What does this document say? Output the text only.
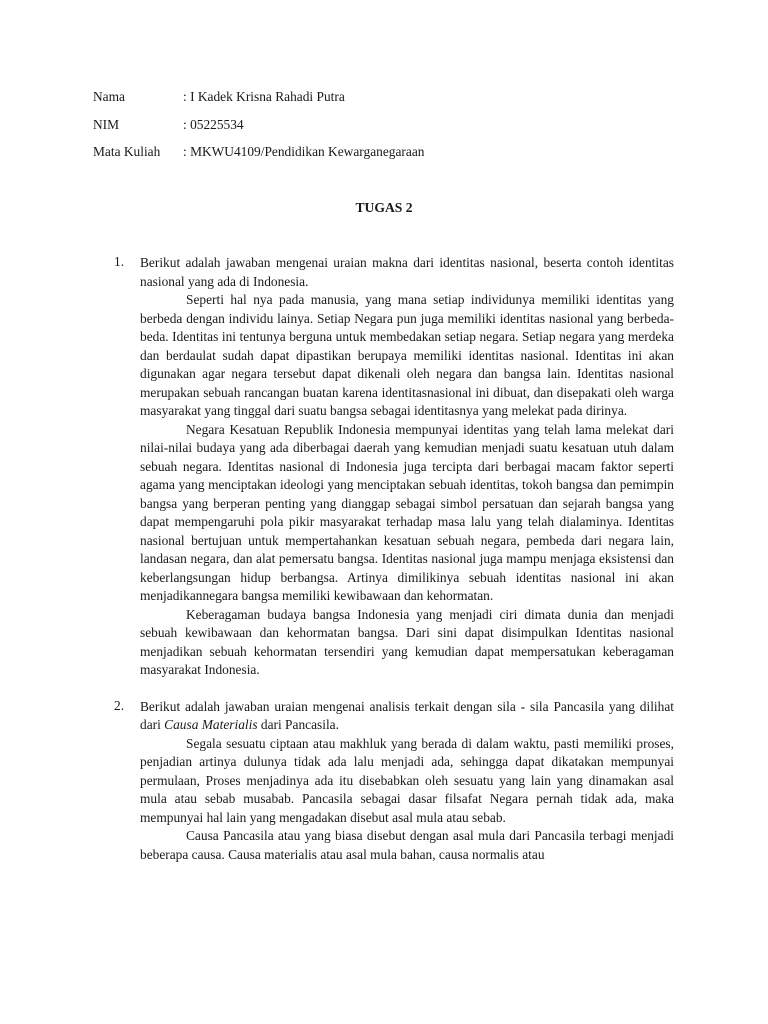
Nama	: I Kadek Krisna Rahadi Putra
NIM	: 05225534
Mata Kuliah	: MKWU4109/Pendidikan Kewarganegaraan
TUGAS 2
1. Berikut adalah jawaban mengenai uraian makna dari identitas nasional, beserta contoh identitas nasional yang ada di Indonesia.

Seperti hal nya pada manusia, yang mana setiap individunya memiliki identitas yang berbeda dengan individu lainya. Setiap Negara pun juga memiliki identitas nasional yang berbeda-beda. Identitas ini tentunya berguna untuk membedakan setiap negara. Setiap negara yang merdeka dan berdaulat sudah dapat dipastikan berupaya memiliki identitas nasional. Identitas ini akan digunakan agar negara tersebut dapat dikenali oleh negara dan bangsa lain. Identitas nasional merupakan sebuah rancangan buatan karena identitasnasional ini dibuat, dan disepakati oleh warga masyarakat yang tinggal dari suatu bangsa sebagai identitasnya yang melekat pada dirinya.

Negara Kesatuan Republik Indonesia mempunyai identitas yang telah lama melekat dari nilai-nilai budaya yang ada diberbagai daerah yang kemudian menjadi suatu kesatuan utuh dalam sebuah negara. Identitas nasional di Indonesia juga tercipta dari berbagai macam faktor seperti agama yang menciptakan ideologi yang menciptakan sebuah identitas, tokoh bangsa dan pemimpin bangsa yang berperan penting yang dianggap sebagai simbol persatuan dan sejarah bangsa yang dapat mempengaruhi pola pikir masyarakat terhadap masa lalu yang telah dialaminya. Identitas nasional bertujuan untuk mempertahankan kesatuan sebuah negara, pembeda dari negara lain, landasan negara, dan alat pemersatu bangsa. Identitas nasional juga mampu menjaga eksistensi dan keberlangsungan hidup berbangsa. Artinya dimilikinya sebuah identitas nasional ini akan menjadikannegara bangsa memiliki kewibawaan dan kehormatan.

Keberagaman budaya bangsa Indonesia yang menjadi ciri dimata dunia dan menjadi sebuah kewibawaan dan kehormatan bangsa. Dari sini dapat disimpulkan Identitas nasional menjadikan sebuah kehormatan tersendiri yang kemudian dapat mempersatukan keberagaman masyarakat Indonesia.

2. Berikut adalah jawaban uraian mengenai analisis terkait dengan sila - sila Pancasila yang dilihat dari Causa Materialis dari Pancasila.

Segala sesuatu ciptaan atau makhluk yang berada di dalam waktu, pasti memiliki proses, penjadian artinya dulunya tidak ada lalu menjadi ada, sehingga dapat dikatakan mempunyai permulaan, Proses menjadinya ada itu disebabkan oleh sesuatu yang lain yang dinamakan asal mula atau sebab musabab. Pancasila sebagai dasar filsafat Negara pernah tidak ada, maka mempunyai hal lain yang mengadakan disebut asal mula atau sebab.

Causa Pancasila atau yang biasa disebut dengan asal mula dari Pancasila terbagi menjadi beberapa causa. Causa materialis atau asal mula bahan, causa normalis atau
